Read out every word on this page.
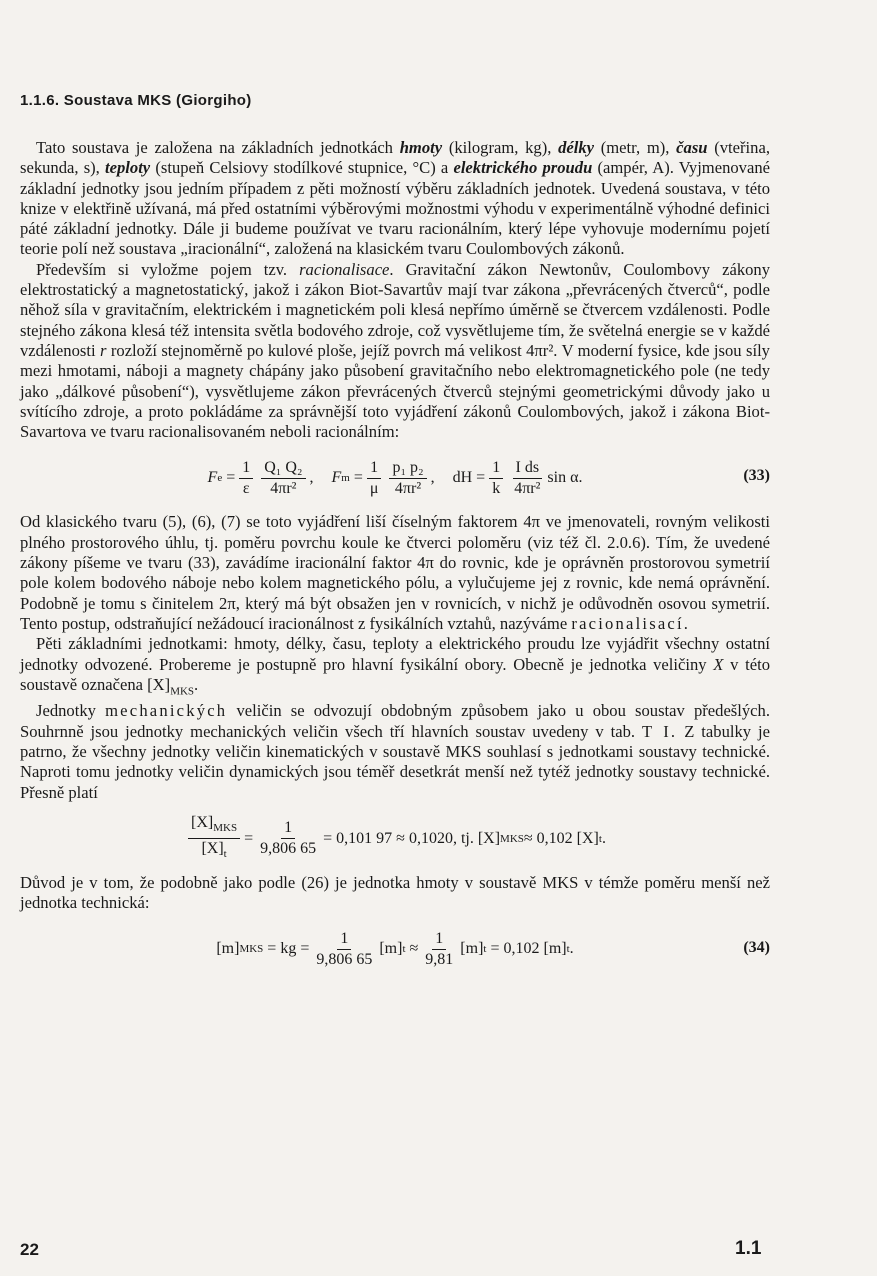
1.1.6. Soustava MKS (Giorgiho)

Tato soustava je založena na základních jednotkách hmoty (kilogram, kg), délky (metr, m), času (vteřina, sekunda, s), teploty (stupeň Celsiovy stodílkové stupnice, °C) a elektrického proudu (ampér, A). Vyjmenované základní jednotky jsou jedním případem z pěti možností výběru základních jednotek. Uvedená soustava, v této knize v elektřině užívaná, má před ostatními výběrovými možnostmi výhodu v experimentálně výhodné definici páté základní jednotky. Dále ji budeme používat ve tvaru racionálním, který lépe vyhovuje modernímu pojetí teorie polí než soustava „iracionální“, založená na klasickém tvaru Coulombových zákonů.

Především si vyložme pojem tzv. racionalisace. Gravitační zákon Newtonův, Coulombovy zákony elektrostatický a magnetostatický, jakož i zákon Biot-Savartův mají tvar zákona „převrácených čtverců“, podle něhož síla v gravitačním, elektrickém i magnetickém poli klesá nepřímo úměrně se čtvercem vzdálenosti. Podle stejného zákona klesá též intensita světla bodového zdroje, což vysvětlujeme tím, že světelná energie se v každé vzdálenosti r rozloží stejnoměrně po kulové ploše, jejíž povrch má velikost 4πr². V moderní fysice, kde jsou síly mezi hmotami, náboji a magnety chápány jako působení gravitačního nebo elektromagnetického pole (ne tedy jako „dálkové působení“), vysvětlujeme zákon převrácených čtverců stejnými geometrickými důvody jako u svítícího zdroje, a proto pokládáme za správnější toto vyjádření zákonů Coulombových, jakož i zákona Biot-Savartova ve tvaru racionalisovaném neboli racionálním:

F e
= $\frac{1}{\varepsilon} \frac{\text{Q₁ Q₂}}{\text{4πr²}}$ , F m
= $\frac{1}{\mu} \frac{\text{p₁ p₂}}{\text{4πr²}}$ , dH
= $\frac{1}{k} \frac{\text{I ds}}{\text{4πr²}}$ sin α.	(33)

Od klasického tvaru (5), (6), (7) se toto vyjádření liší číselným faktorem 4π ve jmenovateli, rovným velikosti plného prostorového úhlu, tj. poměru povrchu koule ke čtverci poloměru (viz též čl. 2.0.6). Tím, že uvedené zákony píšeme ve tvaru (33), zavádíme iracionální faktor 4π do rovnic, kde je oprávněn prostorovou symetrií pole kolem bodového náboje nebo kolem magnetického pólu, a vylučujeme jej z rovnic, kde nemá oprávnění. Podobně je tomu s činitelem 2π, který má být obsažen jen v rovnicích, v nichž je odůvodněn osovou symetrií. Tento postup, odstraňující nežádoucí iracionálnost z fysikálních vztahů, nazýváme racionalisací.

Pěti základními jednotkami: hmoty, délky, času, teploty a elektrického proudu lze vyjádřit všechny ostatní jednotky odvozené. Probereme je postupně pro hlavní fysikální obory. Obecně je jednotka veličiny X v této soustavě označena $[X]_{MKS}$.

Jednotky mechanických veličin se odvozují obdobným způsobem jako u obou soustav předešlých. Souhrnně jsou jednotky mechanických veličin všech tří hlavních soustav uvedeny v tab. T I. Z tabulky je patrno, že všechny jednotky veličin kinematických v soustavě MKS souhlasí s jednotkami soustavy technické. Naproti tomu jednotky veličin dynamických jsou téměř desetkrát menší než tytéž jednotky soustavy technické. Přesně platí

$\frac{[X]_{MKS}}{[X]_t} = \frac{1}{9,806 65} = 0,101$ 97 ≈ 0,1020, tj. [X] MKS ≈ 0,102 [X] t .

Důvod je v tom, že podobně jako podle (26) je jednotka hmoty v soustavě MKS v témže poměru menší než jednotka technická:

[m] MKS
= kg = $\frac{1}{9,806 65} [m]$ t
≈ $\frac{1}{9,81} [m]$ t
= 0,102 [m] t .	(34)
22	1.1
